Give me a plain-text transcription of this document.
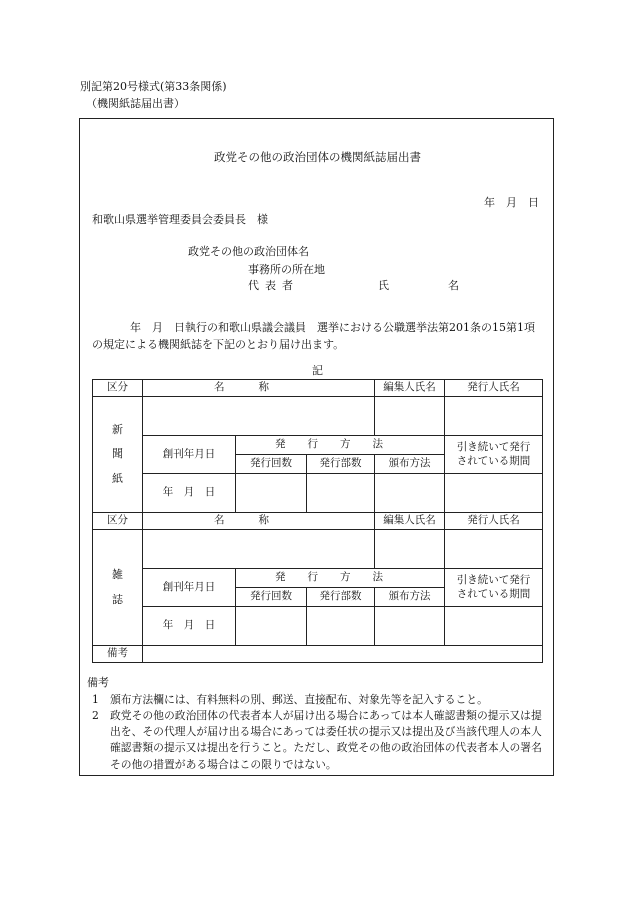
別記第20号様式(第33条関係)
（機関紙誌届出書）
政党その他の政治団体の機関紙誌届出書
年　月　日
和歌山県選挙管理委員会委員長　様
政党その他の政治団体名
事務所の所在地
代表者	氏	名
年　月　日執行の和歌山県議会議員　選挙における公職選挙法第201条の15第1項の規定による機関紙誌を下記のとおり届け出ます。
記
区分	名称			編集人氏名	発行人氏名
新
聞
紙					
	創刊年月日	発行方法			引き続いて発行
されている期間
		発行回数	発行部数	頒布方法	
	年　月　日				
区分	名称			編集人氏名	発行人氏名
雑
誌					
	創刊年月日	発行方法			引き続いて発行
されている期間
		発行回数	発行部数	頒布方法	
	年　月　日				
備考					
備考
1 頒布方法欄には、有料無料の別、郵送、直接配布、対象先等を記入すること。
2 政党その他の政治団体の代表者本人が届け出る場合にあっては本人確認書類の提示又は提出を、その代理人が届け出る場合にあっては委任状の提示又は提出及び当該代理人の本人確認書類の提示又は提出を行うこと。ただし、政党その他の政治団体の代表者本人の署名その他の措置がある場合はこの限りではない。
